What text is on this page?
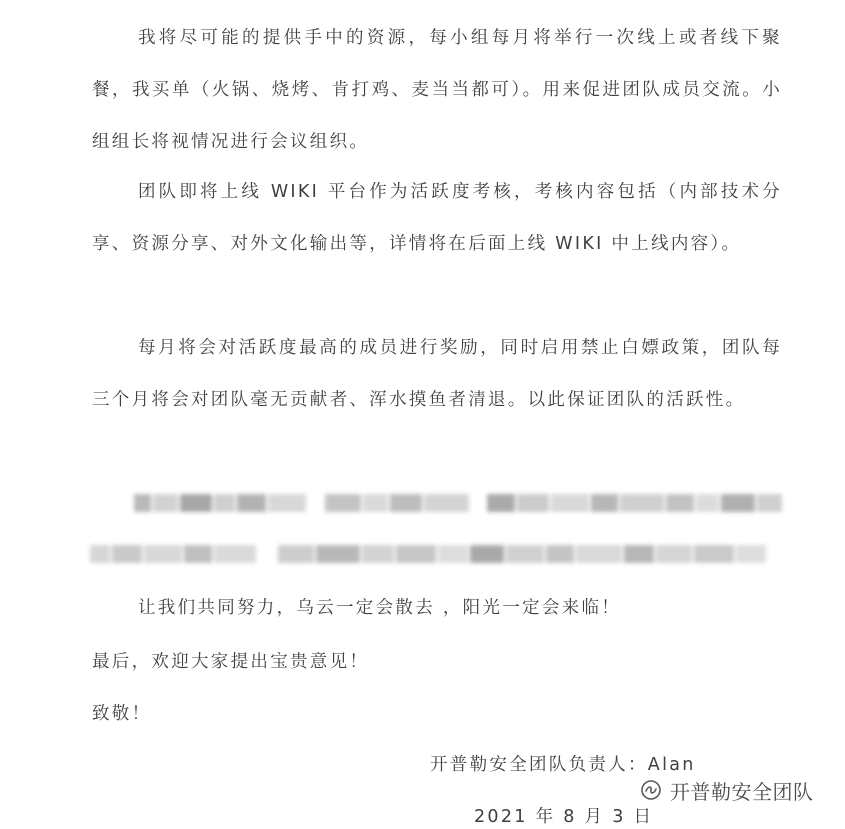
我将尽可能的提供手中的资源，每小组每月将举行一次线上或者线下聚餐，我买单（火锅、烧烤、肯打鸡、麦当当都可）。用来促进团队成员交流。小组组长将视情况进行会议组织。

团队即将上线 WIKI 平台作为活跃度考核，考核内容包括（内部技术分享、资源分享、对外文化输出等，详情将在后面上线 WIKI 中上线内容）。

每月将会对活跃度最高的成员进行奖励，同时启用禁止白嫖政策，团队每三个月将会对团队毫无贡献者、浑水摸鱼者清退。以此保证团队的活跃性。

让我们共同努力，乌云一定会散去 ，阳光一定会来临！

最后，欢迎大家提出宝贵意见！

致敬！

开普勒安全团队负责人：Alan

2021 年 8 月 3 日

开普勒安全团队
